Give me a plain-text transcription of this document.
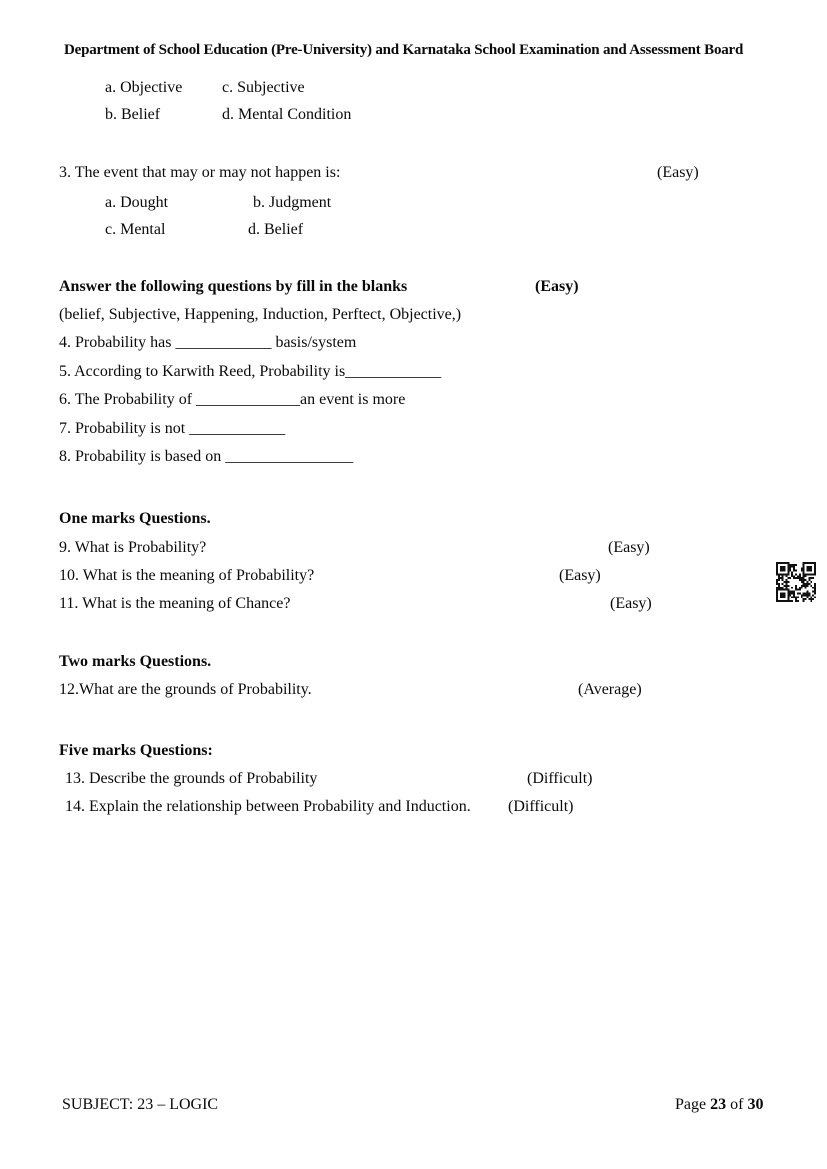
Department of School Education (Pre-University) and Karnataka School Examination and Assessment Board
a. Objective c. Subjective
b. Belief	d. Mental Condition
3. The event that may or may not happen is:	(Easy)
a. Dought	b. Judgment
c. Mental	d. Belief
Answer the following questions by fill in the blanks	(Easy)
(belief, Subjective, Happening, Induction, Perftect, Objective,)
4. Probability has ____________ basis/system
5. According to Karwith Reed, Probability is____________
6. The Probability of _____________an event is more
7. Probability is not ____________
8. Probability is based on ________________
One marks Questions.
9. What is Probability?	(Easy)
10. What is the meaning of Probability?	(Easy)
11. What is the meaning of Chance?	(Easy)
Two marks Questions.
12.What are the grounds of Probability.	(Average)
Five marks Questions:
13. Describe the grounds of Probability	(Difficult)
14. Explain the relationship between Probability and Induction. (Difficult)
SUBJECT: 23 – LOGIC	Page 23 of 30
